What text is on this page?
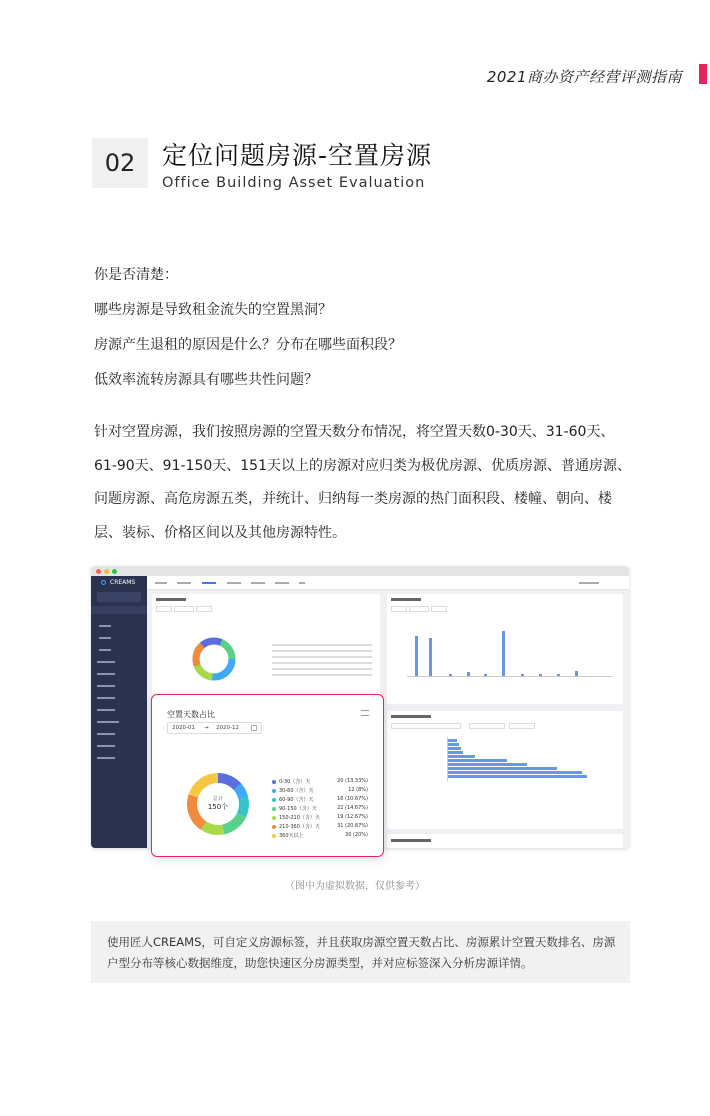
2021商办资产经营评测指南
02	定位问题房源-空置房源
Office Building Asset Evaluation
你是否清楚：
哪些房源是导致租金流失的空置黑洞？
房源产生退租的原因是什么？分布在哪些面积段？
低效率流转房源具有哪些共性问题？
针对空置房源，我们按照房源的空置天数分布情况，将空置天数0-30天、31-60天、61-90天、91-150天、151天以上的房源对应归类为极优房源、优质房源、普通房源、问题房源、高危房源五类，并统计、归纳每一类房源的热门面积段、楼幢、朝向、楼层、装标、价格区间以及其他房源特性。
CREAMS
空置天数占比
2020-01 → 2020-12
总计
150个
0-30（含）天	20 (13.33%)
30-60（含）天	12 (8%)
60-90（含）天	16 (10.67%)
90-150（含）天	22 (14.67%)
150-210（含）天	19 (12.67%)
210-360（含）天	31 (20.67%)
360天以上	30 (20%)
（图中为虚拟数据，仅供参考）
使用匠人CREAMS，可自定义房源标签，并且获取房源空置天数占比、房源累计空置天数排名、房源户型分布等核心数据维度，助您快速区分房源类型，并对应标签深入分析房源详情。
